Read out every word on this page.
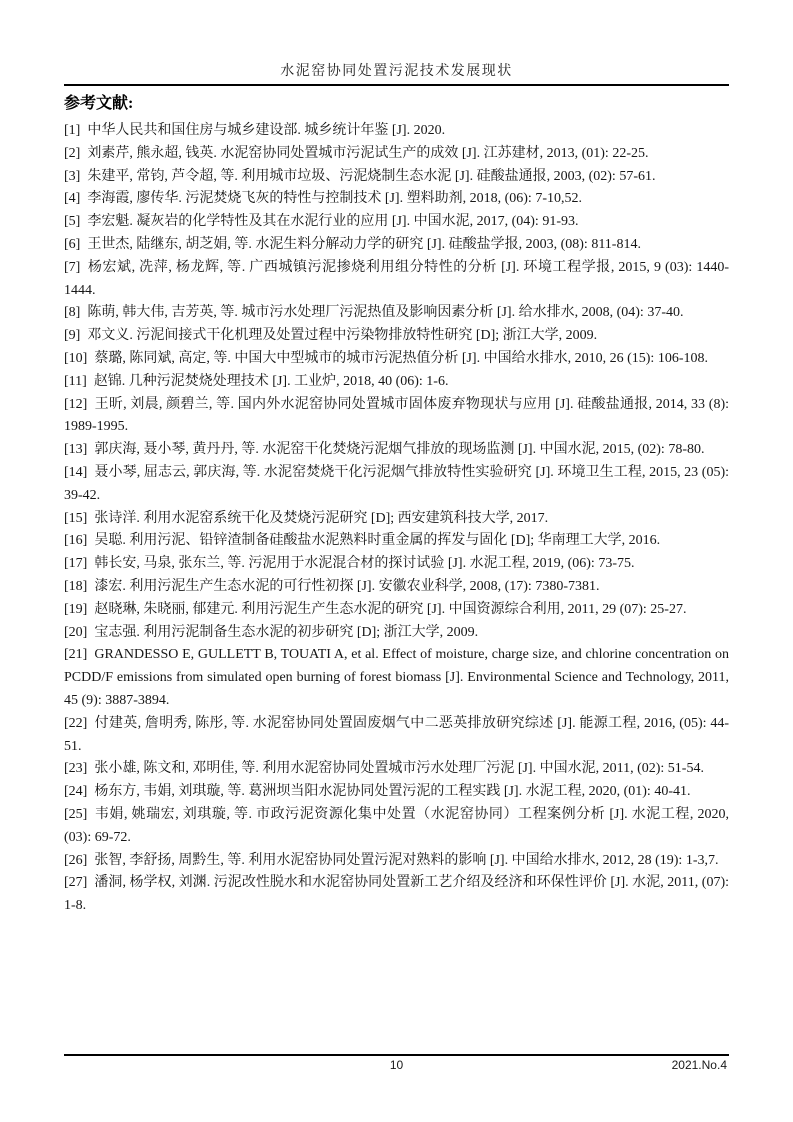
水泥窑协同处置污泥技术发展现状
参考文献:

[1] 中华人民共和国住房与城乡建设部. 城乡统计年鉴 [J]. 2020.

[2] 刘素芹, 熊永超, 钱英. 水泥窑协同处置城市污泥试生产的成效 [J]. 江苏建材, 2013, (01): 22-25.

[3] 朱建平, 常钧, 芦令超, 等. 利用城市垃圾、污泥烧制生态水泥 [J]. 硅酸盐通报, 2003, (02): 57-61.

[4] 李海霞, 廖传华. 污泥焚烧飞灰的特性与控制技术 [J]. 塑料助剂, 2018, (06): 7-10,52.

[5] 李宏魁. 凝灰岩的化学特性及其在水泥行业的应用 [J]. 中国水泥, 2017, (04): 91-93.

[6] 王世杰, 陆继东, 胡芝娟, 等. 水泥生料分解动力学的研究 [J]. 硅酸盐学报, 2003, (08): 811-814.

[7] 杨宏斌, 冼萍, 杨龙辉, 等. 广西城镇污泥掺烧利用组分特性的分析 [J]. 环境工程学报, 2015, 9 (03): 1440-1444.

[8] 陈萌, 韩大伟, 吉芳英, 等. 城市污水处理厂污泥热值及影响因素分析 [J]. 给水排水, 2008, (04): 37-40.

[9] 邓文义. 污泥间接式干化机理及处置过程中污染物排放特性研究 [D]; 浙江大学, 2009.

[10] 蔡璐, 陈同斌, 高定, 等. 中国大中型城市的城市污泥热值分析 [J]. 中国给水排水, 2010, 26 (15): 106-108.

[11] 赵锦. 几种污泥焚烧处理技术 [J]. 工业炉, 2018, 40 (06): 1-6.

[12] 王昕, 刘晨, 颜碧兰, 等. 国内外水泥窑协同处置城市固体废弃物现状与应用 [J]. 硅酸盐通报, 2014, 33 (8): 1989-1995.

[13] 郭庆海, 聂小琴, 黄丹丹, 等. 水泥窑干化焚烧污泥烟气排放的现场监测 [J]. 中国水泥, 2015, (02): 78-80.

[14] 聂小琴, 屈志云, 郭庆海, 等. 水泥窑焚烧干化污泥烟气排放特性实验研究 [J]. 环境卫生工程, 2015, 23 (05): 39-42.

[15] 张诗洋. 利用水泥窑系统干化及焚烧污泥研究 [D]; 西安建筑科技大学, 2017.

[16] 吴聪. 利用污泥、铅锌渣制备硅酸盐水泥熟料时重金属的挥发与固化 [D]; 华南理工大学, 2016.

[17] 韩长安, 马泉, 张东兰, 等. 污泥用于水泥混合材的探讨试验 [J]. 水泥工程, 2019, (06): 73-75.

[18] 漆宏. 利用污泥生产生态水泥的可行性初探 [J]. 安徽农业科学, 2008, (17): 7380-7381.

[19] 赵晓琳, 朱晓丽, 郁建元. 利用污泥生产生态水泥的研究 [J]. 中国资源综合利用, 2011, 29 (07): 25-27.

[20] 宝志强. 利用污泥制备生态水泥的初步研究 [D]; 浙江大学, 2009.

[21] GRANDESSO E, GULLETT B, TOUATI A, et al. Effect of moisture, charge size, and chlorine concentration on PCDD/F emissions from simulated open burning of forest biomass [J]. Environmental Science and Technology, 2011, 45 (9): 3887-3894.

[22] 付建英, 詹明秀, 陈彤, 等. 水泥窑协同处置固废烟气中二恶英排放研究综述 [J]. 能源工程, 2016, (05): 44-51.

[23] 张小雄, 陈文和, 邓明佳, 等. 利用水泥窑协同处置城市污水处理厂污泥 [J]. 中国水泥, 2011, (02): 51-54.

[24] 杨东方, 韦娟, 刘琪璇, 等. 葛洲坝当阳水泥协同处置污泥的工程实践 [J]. 水泥工程, 2020, (01): 40-41.

[25] 韦娟, 姚瑞宏, 刘琪璇, 等. 市政污泥资源化集中处置（水泥窑协同）工程案例分析 [J]. 水泥工程, 2020, (03): 69-72.

[26] 张智, 李舒扬, 周黔生, 等. 利用水泥窑协同处置污泥对熟料的影响 [J]. 中国给水排水, 2012, 28 (19): 1-3,7.

[27] 潘洞, 杨学权, 刘渊. 污泥改性脱水和水泥窑协同处置新工艺介绍及经济和环保性评价 [J]. 水泥, 2011, (07): 1-8.

10	2021.No.4
